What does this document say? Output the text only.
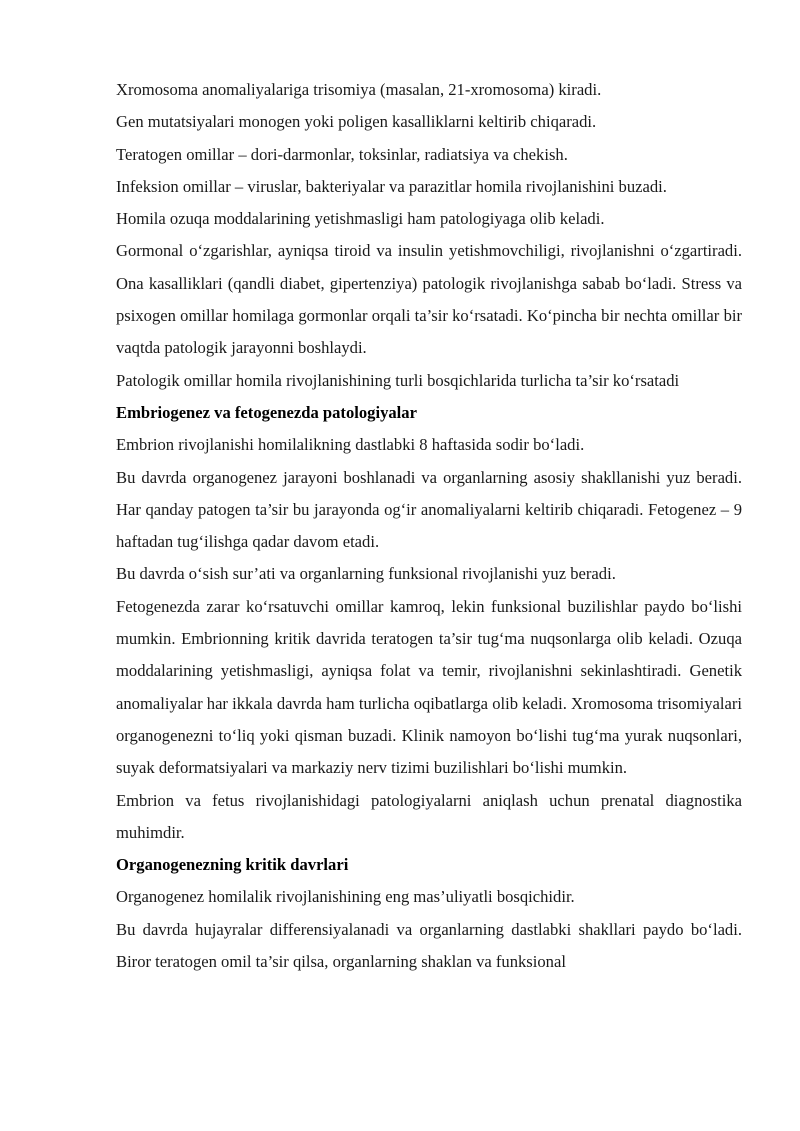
Xromosoma anomaliyalariga trisomiya (masalan, 21-xromosoma) kiradi.

Gen mutatsiyalari monogen yoki poligen kasalliklarni keltirib chiqaradi.

Teratogen omillar – dori-darmonlar, toksinlar, radiatsiya va chekish.

Infeksion omillar – viruslar, bakteriyalar va parazitlar homila rivojlanishini buzadi.

Homila ozuqa moddalarining yetishmasligi ham patologiyaga olib keladi.

Gormonal o‘zgarishlar, ayniqsa tiroid va insulin yetishmovchiligi, rivojlanishni o‘zgartiradi. Ona kasalliklari (qandli diabet, gipertenziya) patologik rivojlanishga sabab bo‘ladi. Stress va psixogen omillar homilaga gormonlar orqali ta’sir ko‘rsatadi. Ko‘pincha bir nechta omillar bir vaqtda patologik jarayonni boshlaydi.

Patologik omillar homila rivojlanishining turli bosqichlarida turlicha ta’sir ko‘rsatadi

Embriogenez va fetogenezda patologiyalar

Embrion rivojlanishi homilalikning dastlabki 8 haftasida sodir bo‘ladi.

Bu davrda organogenez jarayoni boshlanadi va organlarning asosiy shakllanishi yuz beradi. Har qanday patogen ta’sir bu jarayonda og‘ir anomaliyalarni keltirib chiqaradi. Fetogenez – 9 haftadan tug‘ilishga qadar davom etadi.

Bu davrda o‘sish sur’ati va organlarning funksional rivojlanishi yuz beradi.

Fetogenezda zarar ko‘rsatuvchi omillar kamroq, lekin funksional buzilishlar paydo bo‘lishi mumkin. Embrionning kritik davrida teratogen ta’sir tug‘ma nuqsonlarga olib keladi. Ozuqa moddalarining yetishmasligi, ayniqsa folat va temir, rivojlanishni sekinlashtiradi. Genetik anomaliyalar har ikkala davrda ham turlicha oqibatlarga olib keladi. Xromosoma trisomiyalari organogenezni to‘liq yoki qisman buzadi. Klinik namoyon bo‘lishi tug‘ma yurak nuqsonlari, suyak deformatsiyalari va markaziy nerv tizimi buzilishlari bo‘lishi mumkin.

Embrion va fetus rivojlanishidagi patologiyalarni aniqlash uchun prenatal diagnostika muhimdir.

Organogenezning kritik davrlari

Organogenez homilalik rivojlanishining eng mas’uliyatli bosqichidir.

Bu davrda hujayralar differensiyalanadi va organlarning dastlabki shakllari paydo bo‘ladi. Biror teratogen omil ta’sir qilsa, organlarning shaklan va funksional
